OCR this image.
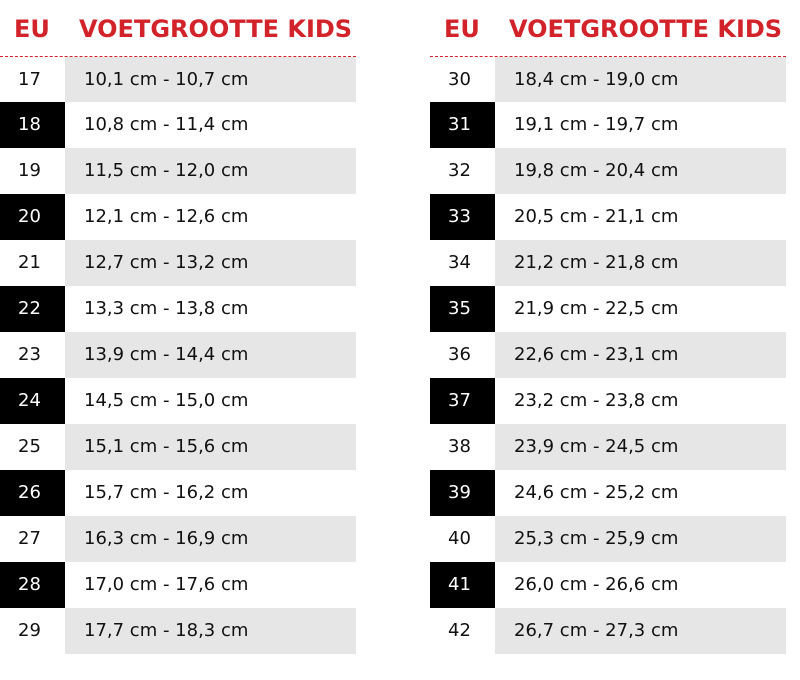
EU VOETGROOTTE KIDS
17	10,1 cm - 10,7 cm
18	10,8 cm - 11,4 cm
19	11,5 cm - 12,0 cm
20	12,1 cm - 12,6 cm
21	12,7 cm - 13,2 cm
22	13,3 cm - 13,8 cm
23	13,9 cm - 14,4 cm
24	14,5 cm - 15,0 cm
25	15,1 cm - 15,6 cm
26	15,7 cm - 16,2 cm
27	16,3 cm - 16,9 cm
28	17,0 cm - 17,6 cm
29	17,7 cm - 18,3 cm
EU VOETGROOTTE KIDS
30	18,4 cm - 19,0 cm
31	19,1 cm - 19,7 cm
32	19,8 cm - 20,4 cm
33	20,5 cm - 21,1 cm
34	21,2 cm - 21,8 cm
35	21,9 cm - 22,5 cm
36	22,6 cm - 23,1 cm
37	23,2 cm - 23,8 cm
38	23,9 cm - 24,5 cm
39	24,6 cm - 25,2 cm
40	25,3 cm - 25,9 cm
41	26,0 cm - 26,6 cm
42	26,7 cm - 27,3 cm
